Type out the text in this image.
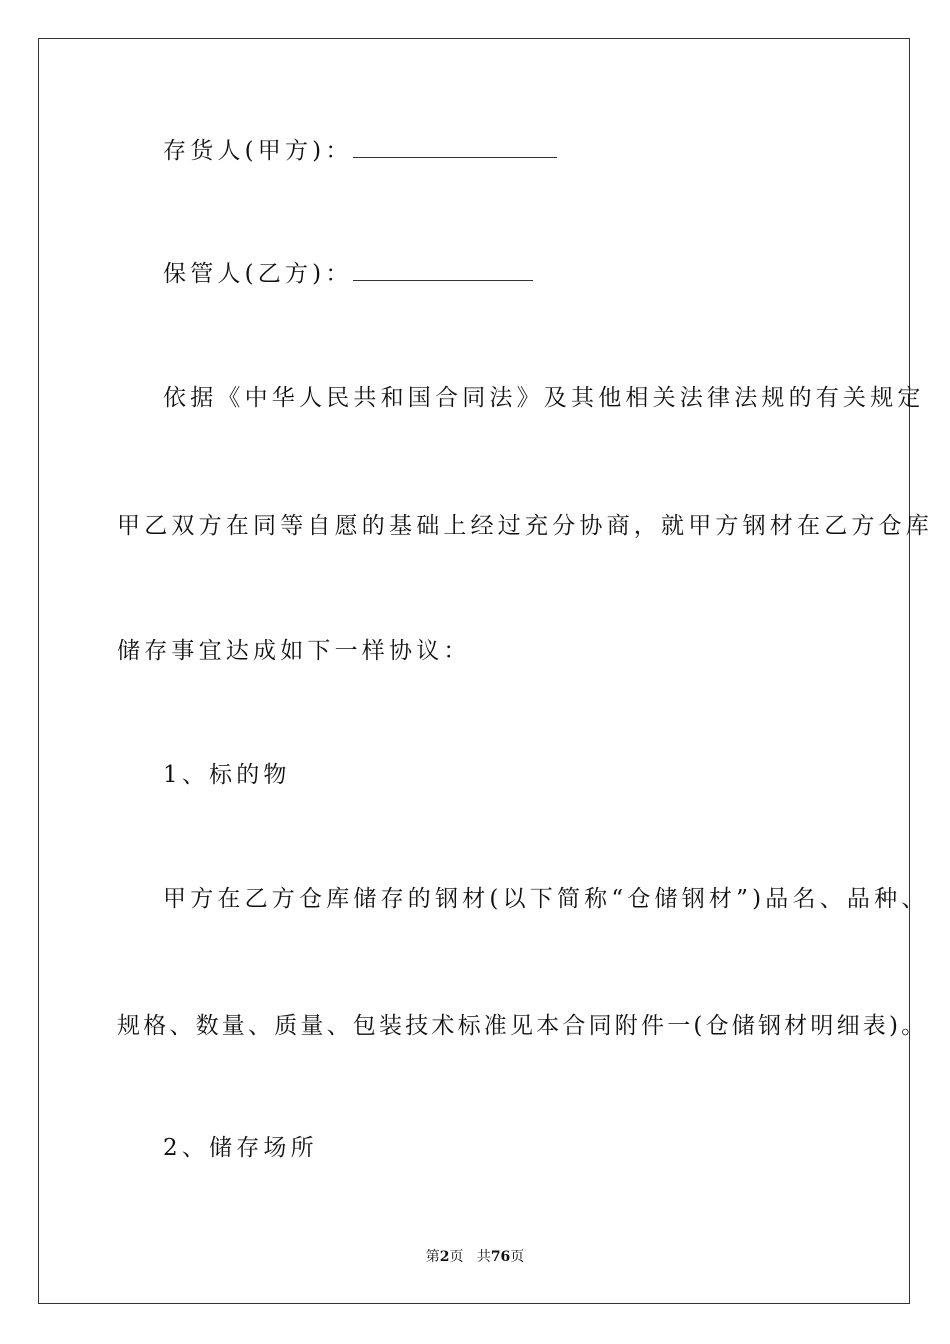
存货人(甲方)：
保管人(乙方)：
依据《中华人民共和国合同法》及其他相关法律法规的有关规定
甲乙双方在同等自愿的基础上经过充分协商，就甲方钢材在乙方仓库
储存事宜达成如下一样协议：
1、标的物
甲方在乙方仓库储存的钢材(以下简称“仓储钢材”)品名、品种、
规格、数量、质量、包装技术标准见本合同附件一(仓储钢材明细表)。
2、储存场所
第2页 共76页
